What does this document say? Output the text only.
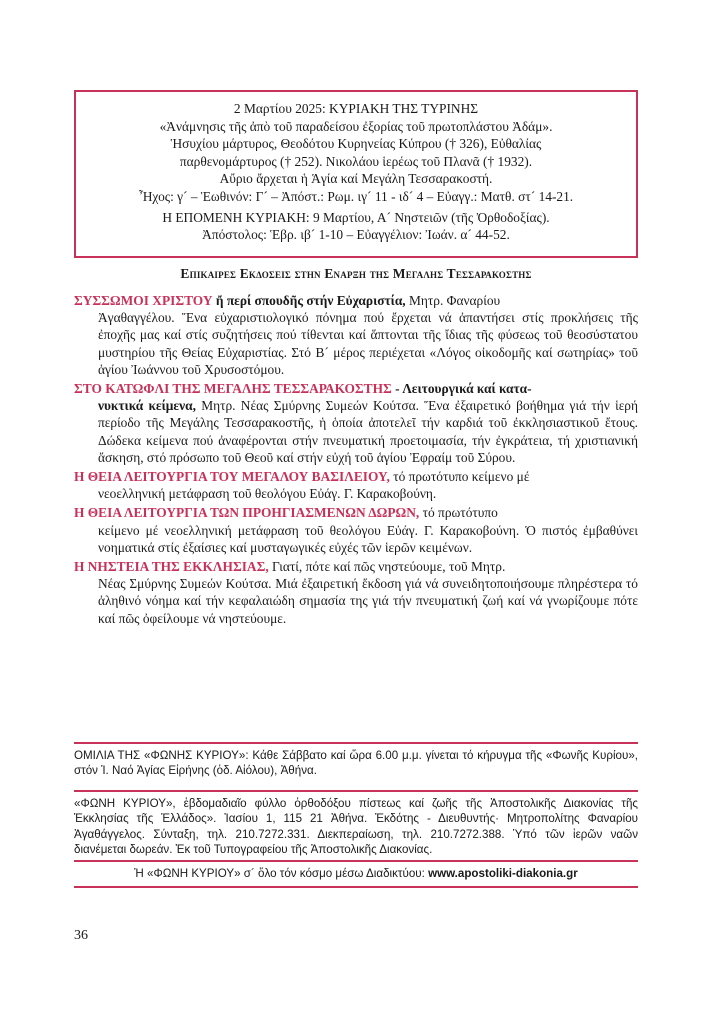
2 Μαρτίου 2025: ΚΥΡΙΑΚΗ ΤΗΣ ΤΥΡΙΝΗΣ
«Ἀνάμνησις τῆς ἀπὸ τοῦ παραδείσου ἐξορίας τοῦ πρωτοπλάστου Ἀδάμ».
Ἡσυχίου μάρτυρος, Θεοδότου Κυρηνείας Κύπρου († 326), Εὐθαλίας
παρθενομάρτυρος († 252). Νικολάου ἱερέως τοῦ Πλανᾶ († 1932).
Αὔριο ἄρχεται ἡ Ἁγία καί Μεγάλη Τεσσαρακοστή.
Ἦχος: γ´ – Ἑωθινόν: Γ´ – Ἀπόστ.: Ρωμ. ιγ´ 11 - ιδ´ 4 – Εὐαγγ.: Ματθ. στ´ 14-21.
Η ΕΠΟΜΕΝΗ ΚΥΡΙΑΚΗ: 9 Μαρτίου, Α´ Νηστειῶν (τῆς Ὀρθοδοξίας).
Ἀπόστολος: Ἑβρ. ιβ´ 1-10 – Εὐαγγέλιον: Ἰωάν. α´ 44-52.
Επικαιρες Εκδοσεις στην Εναρξη της Μεγαλης Τεσσαρακοστης
ΣΥΣΣΩΜΟΙ ΧΡΙΣΤΟΥ ἤ περί σπουδῆς στήν Εὐχαριστία, Μητρ. Φαναρίου
Ἀγαθαγγέλου. Ἕνα εὐχαριστιολογικό πόνημα πού ἔρχεται νά ἀπαντήσει στίς προκλήσεις τῆς ἐποχῆς μας καί στίς συζητήσεις πού τίθενται καί ἅπτονται τῆς ἴδιας τῆς φύσεως τοῦ θεοσύστατου μυστηρίου τῆς Θείας Εὐχαριστίας. Στό Β´ μέρος περιέχεται «Λόγος οἰκοδομῆς καί σωτηρίας» τοῦ ἁγίου Ἰωάννου τοῦ Χρυσοστόμου.
ΣΤΟ ΚΑΤΩΦΛΙ ΤΗΣ ΜΕΓΑΛΗΣ ΤΕΣΣΑΡΑΚΟΣΤΗΣ - Λειτουργικά καί κατα-
νυκτικά κείμενα, Μητρ. Νέας Σμύρνης Συμεών Κούτσα. Ἕνα ἐξαιρετικό βοήθημα γιά τήν ἱερή περίοδο τῆς Μεγάλης Τεσσαρακοστῆς, ἡ ὁποία ἀποτελεῖ τήν καρδιά τοῦ ἐκκλησιαστικοῦ ἔτους. Δώδεκα κείμενα πού ἀναφέρονται στήν πνευματική προετοιμασία, τήν ἐγκράτεια, τή χριστιανική ἄσκηση, στό πρόσωπο τοῦ Θεοῦ καί στήν εὐχή τοῦ ἁγίου Ἐφραίμ τοῦ Σύρου.
Η ΘΕΙΑ ΛΕΙΤΟΥΡΓΙΑ ΤΟΥ ΜΕΓΑΛΟΥ ΒΑΣΙΛΕΙΟΥ, τό πρωτότυπο κείμενο μέ
νεοελληνική μετάφραση τοῦ θεολόγου Εὐάγ. Γ. Καρακοβούνη.
Η ΘΕΙΑ ΛΕΙΤΟΥΡΓΙΑ ΤΩΝ ΠΡΟΗΓΙΑΣΜΕΝΩΝ ΔΩΡΩΝ, τό πρωτότυπο
κείμενο μέ νεοελληνική μετάφραση τοῦ θεολόγου Εὐάγ. Γ. Καρακοβούνη. Ὁ πιστός ἐμβαθύνει νοηματικά στίς ἐξαίσιες καί μυσταγωγικές εὐχές τῶν ἱερῶν κειμένων.
Η ΝΗΣΤΕΙΑ ΤΗΣ ΕΚΚΛΗΣΙΑΣ, Γιατί, πότε καί πῶς νηστεύουμε, τοῦ Μητρ.
Νέας Σμύρνης Συμεών Κούτσα. Μιά ἐξαιρετική ἔκδοση γιά νά συνειδητοποιήσουμε πληρέστερα τό ἀληθινό νόημα καί τήν κεφαλαιώδη σημασία της γιά τήν πνευματική ζωή καί νά γνωρίζουμε πότε καί πῶς ὀφείλουμε νά νηστεύουμε.
ΟΜΙΛΙΑ ΤΗΣ «ΦΩΝΗΣ ΚΥΡΙΟΥ»: Κάθε Σάββατο καί ὥρα 6.00 μ.μ. γίνεται τό κήρυγμα τῆς «Φωνῆς Κυρίου», στόν Ἱ. Ναό Ἁγίας Εἰρήνης (ὁδ. Αἰόλου), Ἀθήνα.
«ΦΩΝΗ ΚΥΡΙΟΥ», ἑβδομαδιαῖο φύλλο ὀρθοδόξου πίστεως καί ζωῆς τῆς Ἀποστολικῆς Διακονίας τῆς Ἐκκλησίας τῆς Ἑλλάδος». Ἰασίου 1, 115 21 Ἀθήνα. Ἐκδότης - Διευθυντής· Μητροπολίτης Φαναρίου Ἀγαθάγγελος. Σύνταξη, τηλ. 210.7272.331. Διεκπεραίωση, τηλ. 210.7272.388. Ὑπό τῶν ἱερῶν ναῶν διανέμεται δωρεάν. Ἐκ τοῦ Τυπογραφείου τῆς Ἀποστολικῆς Διακονίας.
Ἡ «ΦΩΝΗ ΚΥΡΙΟΥ» σ´ ὅλο τόν κόσμο μέσω Διαδικτύου: www.apostoliki-diakonia.gr
36
